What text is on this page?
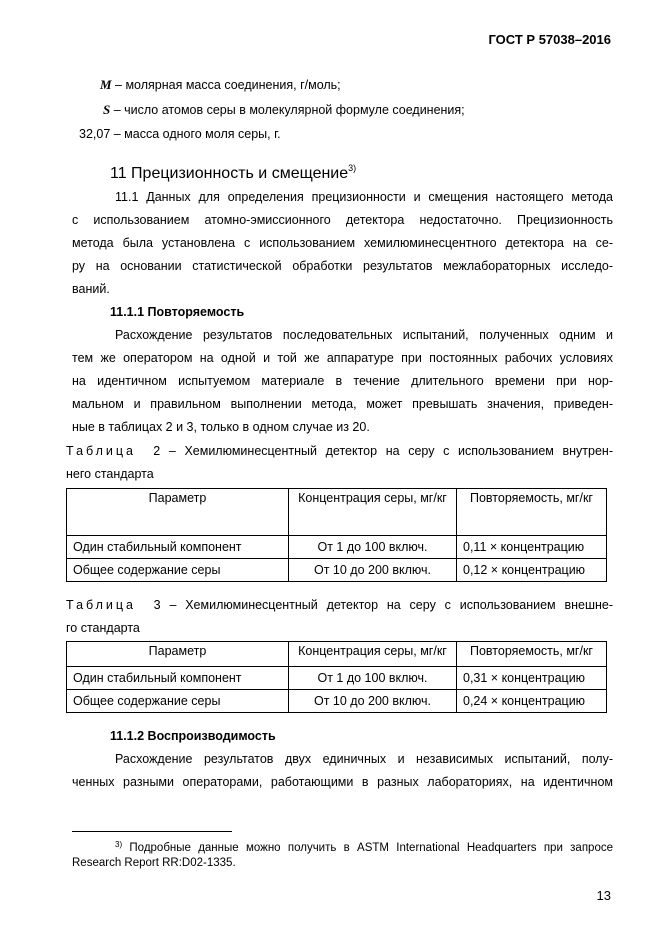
ГОСТ Р 57038–2016
M – молярная масса соединения, г/моль;
S – число атомов серы в молекулярной формуле соединения;
32,07 – масса одного моля серы, г.
11 Прецизионность и смещение$^{3)}$
11.1 Данных для определения прецизионности и смещения настоящего метода
с использованием атомно-эмиссионного детектора недостаточно. Прецизионность
метода была установлена с использованием хемилюминесцентного детектора на се-
ру на основании статистической обработки результатов межлабораторных исследо-
ваний.
11.1.1 Повторяемость
Расхождение результатов последовательных испытаний, полученных одним и
тем же оператором на одной и той же аппаратуре при постоянных рабочих условиях
на идентичном испытуемом материале в течение длительного времени при нор-
мальном и правильном выполнении метода, может превышать значения, приведен-
ные в таблицах 2 и 3, только в одном случае из 20.
Таблица 2 – Хемилюминесцентный детектор на серу с использованием внутрен-
него стандарта
Параметр	Концентрация серы, мг/кг	Повторяемость, мг/кг
Один стабильный компонент	От 1 до 100 включ.	0,11 × концентрацию
Общее содержание серы	От 10 до 200 включ.	0,12 × концентрацию
Таблица 3 – Хемилюминесцентный детектор на серу с использованием внешне-
го стандарта
Параметр	Концентрация серы, мг/кг	Повторяемость, мг/кг
Один стабильный компонент	От 1 до 100 включ.	0,31 × концентрацию
Общее содержание серы	От 10 до 200 включ.	0,24 × концентрацию
11.1.2 Воспроизводимость
Расхождение результатов двух единичных и независимых испытаний, полу-
ченных разными операторами, работающими в разных лабораториях, на идентичном
$^{3)}$ Подробные данные можно получить в ASTM International Headquarters при запросе
Research Report RR:D02-1335.
13
